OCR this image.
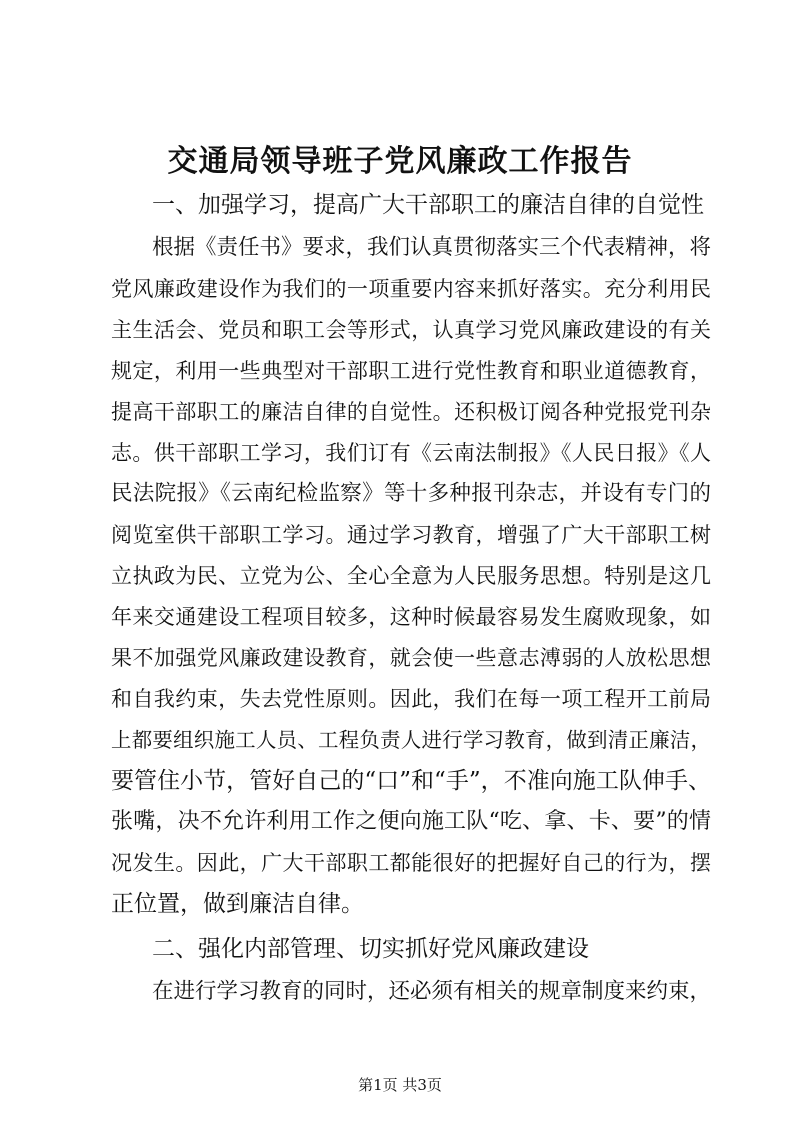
交通局领导班子党风廉政工作报告
一、加强学习，提高广大干部职工的廉洁自律的自觉性
根据《责任书》要求，我们认真贯彻落实三个代表精神，将
党风廉政建设作为我们的一项重要内容来抓好落实。充分利用民
主生活会、党员和职工会等形式，认真学习党风廉政建设的有关
规定，利用一些典型对干部职工进行党性教育和职业道德教育，
提高干部职工的廉洁自律的自觉性。还积极订阅各种党报党刊杂
志。供干部职工学习，我们订有《云南法制报》《人民日报》《人
民法院报》《云南纪检监察》等十多种报刊杂志，并设有专门的
阅览室供干部职工学习。通过学习教育，增强了广大干部职工树
立执政为民、立党为公、全心全意为人民服务思想。特别是这几
年来交通建设工程项目较多，这种时候最容易发生腐败现象，如
果不加强党风廉政建设教育，就会使一些意志溥弱的人放松思想
和自我约束，失去党性原则。因此，我们在每一项工程开工前局
上都要组织施工人员、工程负责人进行学习教育，做到清正廉洁，
要管住小节，管好自己的“口”和“手”，不准向施工队伸手、
张嘴，决不允许利用工作之便向施工队“吃、拿、卡、要”的情
况发生。因此，广大干部职工都能很好的把握好自己的行为，摆
正位置，做到廉洁自律。
二、强化内部管理、切实抓好党风廉政建设
在进行学习教育的同时，还必须有相关的规章制度来约束，
第1页 共3页
